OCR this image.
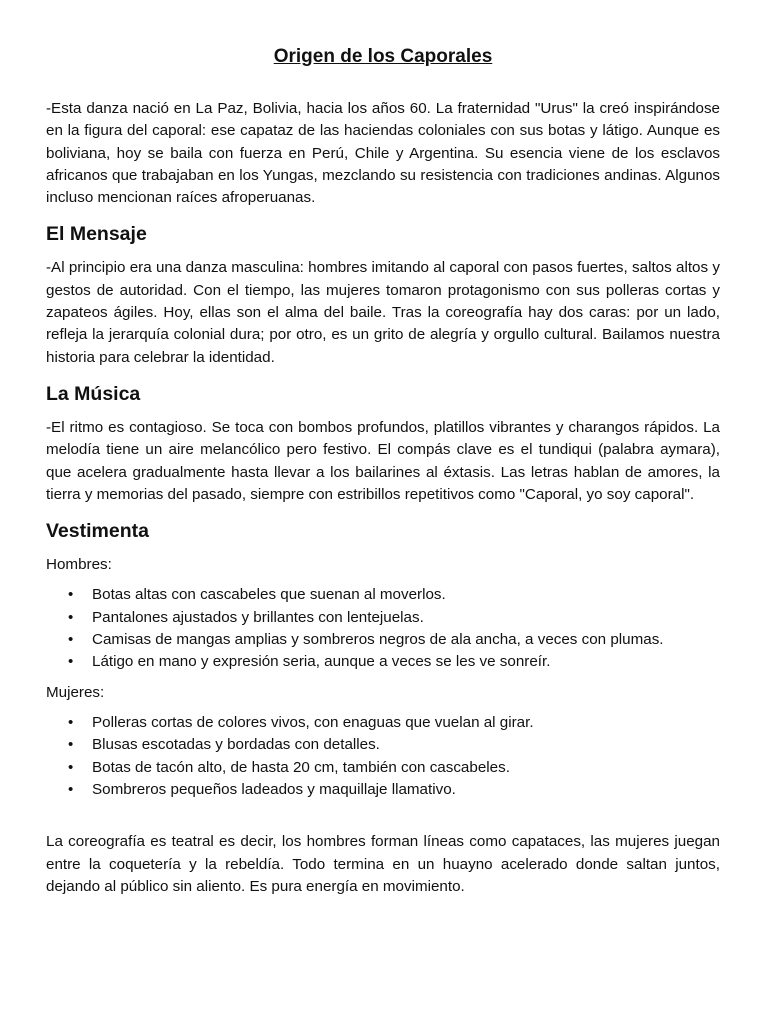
Origen de los Caporales

-Esta danza nació en La Paz, Bolivia, hacia los años 60. La fraternidad "Urus" la creó inspirándose en la figura del caporal: ese capataz de las haciendas coloniales con sus botas y látigo. Aunque es boliviana, hoy se baila con fuerza en Perú, Chile y Argentina. Su esencia viene de los esclavos africanos que trabajaban en los Yungas, mezclando su resistencia con tradiciones andinas. Algunos incluso mencionan raíces afroperuanas.

El Mensaje

-Al principio era una danza masculina: hombres imitando al caporal con pasos fuertes, saltos altos y gestos de autoridad. Con el tiempo, las mujeres tomaron protagonismo con sus polleras cortas y zapateos ágiles. Hoy, ellas son el alma del baile. Tras la coreografía hay dos caras: por un lado, refleja la jerarquía colonial dura; por otro, es un grito de alegría y orgullo cultural. Bailamos nuestra historia para celebrar la identidad.

La Música

-El ritmo es contagioso. Se toca con bombos profundos, platillos vibrantes y charangos rápidos. La melodía tiene un aire melancólico pero festivo. El compás clave es el tundiqui (palabra aymara), que acelera gradualmente hasta llevar a los bailarines al éxtasis. Las letras hablan de amores, la tierra y memorias del pasado, siempre con estribillos repetitivos como "Caporal, yo soy caporal".

Vestimenta

Hombres:

• Botas altas con cascabeles que suenan al moverlos.
• Pantalones ajustados y brillantes con lentejuelas.
• Camisas de mangas amplias y sombreros negros de ala ancha, a veces con plumas.
• Látigo en mano y expresión seria, aunque a veces se les ve sonreír.

Mujeres:

• Polleras cortas de colores vivos, con enaguas que vuelan al girar.
• Blusas escotadas y bordadas con detalles.
• Botas de tacón alto, de hasta 20 cm, también con cascabeles.
• Sombreros pequeños ladeados y maquillaje llamativo.

La coreografía es teatral es decir, los hombres forman líneas como capataces, las mujeres juegan entre la coquetería y la rebeldía. Todo termina en un huayno acelerado donde saltan juntos, dejando al público sin aliento. Es pura energía en movimiento.
